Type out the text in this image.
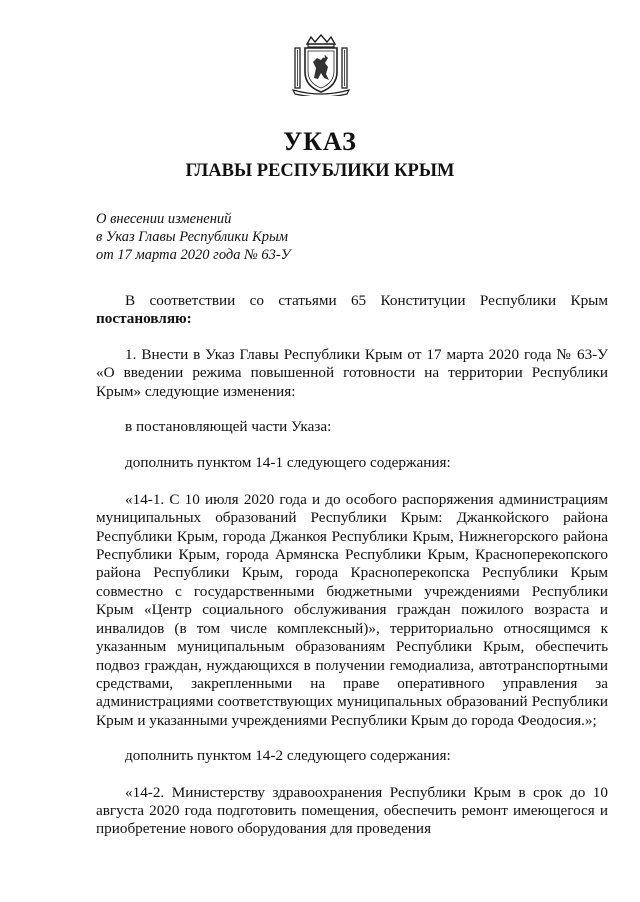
·····
УКАЗ
ГЛАВЫ РЕСПУБЛИКИ КРЫМ
О внесении изменений
в Указ Главы Республики Крым
от 17 марта 2020 года № 63-У

В соответствии со статьями 65 Конституции Республики Крым постановляю:

1. Внести в Указ Главы Республики Крым от 17 марта 2020 года № 63-У «О введении режима повышенной готовности на территории Республики Крым» следующие изменения:

в постановляющей части Указа:

дополнить пунктом 14-1 следующего содержания:

«14-1. С 10 июля 2020 года и до особого распоряжения администрациям муниципальных образований Республики Крым: Джанкойского района Республики Крым, города Джанкоя Республики Крым, Нижнегорского района Республики Крым, города Армянска Республики Крым, Красноперекопского района Республики Крым, города Красноперекопска Республики Крым совместно с государственными бюджетными учреждениями Республики Крым «Центр социального обслуживания граждан пожилого возраста и инвалидов (в том числе комплексный)», территориально относящимся к указанным муниципальным образованиям Республики Крым, обеспечить подвоз граждан, нуждающихся в получении гемодиализа, автотранспортными средствами, закрепленными на праве оперативного управления за администрациями соответствующих муниципальных образований Республики Крым и указанными учреждениями Республики Крым до города Феодосия.»;

дополнить пунктом 14-2 следующего содержания:

«14-2. Министерству здравоохранения Республики Крым в срок до 10 августа 2020 года подготовить помещения, обеспечить ремонт имеющегося и приобретение нового оборудования для проведения
